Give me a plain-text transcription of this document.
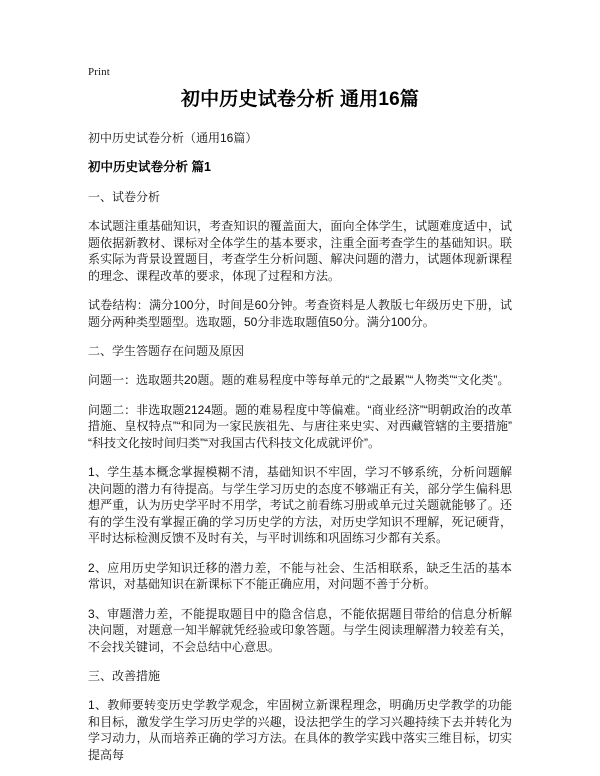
Print
初中历史试卷分析 通用16篇
初中历史试卷分析（通用16篇）
初中历史试卷分析 篇1
一、试卷分析

本试题注重基础知识，考查知识的覆盖面大，面向全体学生，试题难度适中，试题依据新教材、课标对全体学生的基本要求，注重全面考查学生的基础知识。联系实际为背景设置题目，考查学生分析问题、解决问题的潜力，试题体现新课程的理念、课程改革的要求，体现了过程和方法。

试卷结构：满分100分，时间是60分钟。考查资料是人教版七年级历史下册，试题分两种类型题型。选取题，50分非选取题值50分。满分100分。

二、学生答题存在问题及原因

问题一：选取题共20题。题的难易程度中等每单元的“之最累”“人物类”“文化类”。

问题二：非选取题2124题。题的难易程度中等偏难。“商业经济”“明朝政治的改革措施、皇权特点”“和同为一家民族祖先、与唐往来史实、对西藏管辖的主要措施”“科技文化按时间归类”“对我国古代科技文化成就评价”。

1、学生基本概念掌握模糊不清，基础知识不牢固，学习不够系统，分析问题解决问题的潜力有待提高。与学生学习历史的态度不够端正有关，部分学生偏科思想严重，认为历史学平时不用学，考试之前看练习册或单元过关题就能够了。还有的学生没有掌握正确的学习历史学的方法，对历史学知识不理解，死记硬背，平时达标检测反馈不及时有关，与平时训练和巩固练习少都有关系。

2、应用历史学知识迁移的潜力差，不能与社会、生活相联系，缺乏生活的基本常识，对基础知识在新课标下不能正确应用，对问题不善于分析。

3、审题潜力差，不能提取题目中的隐含信息，不能依据题目带给的信息分析解决问题，对题意一知半解就凭经验或印象答题。与学生阅读理解潜力较差有关，不会找关键词，不会总结中心意思。

三、改善措施

1、教师要转变历史学教学观念，牢固树立新课程理念，明确历史学教学的功能和目标，激发学生学习历史学的兴趣，设法把学生的学习兴趣持续下去并转化为学习动力，从而培养正确的学习方法。在具体的教学实践中落实三维目标，切实提高每
